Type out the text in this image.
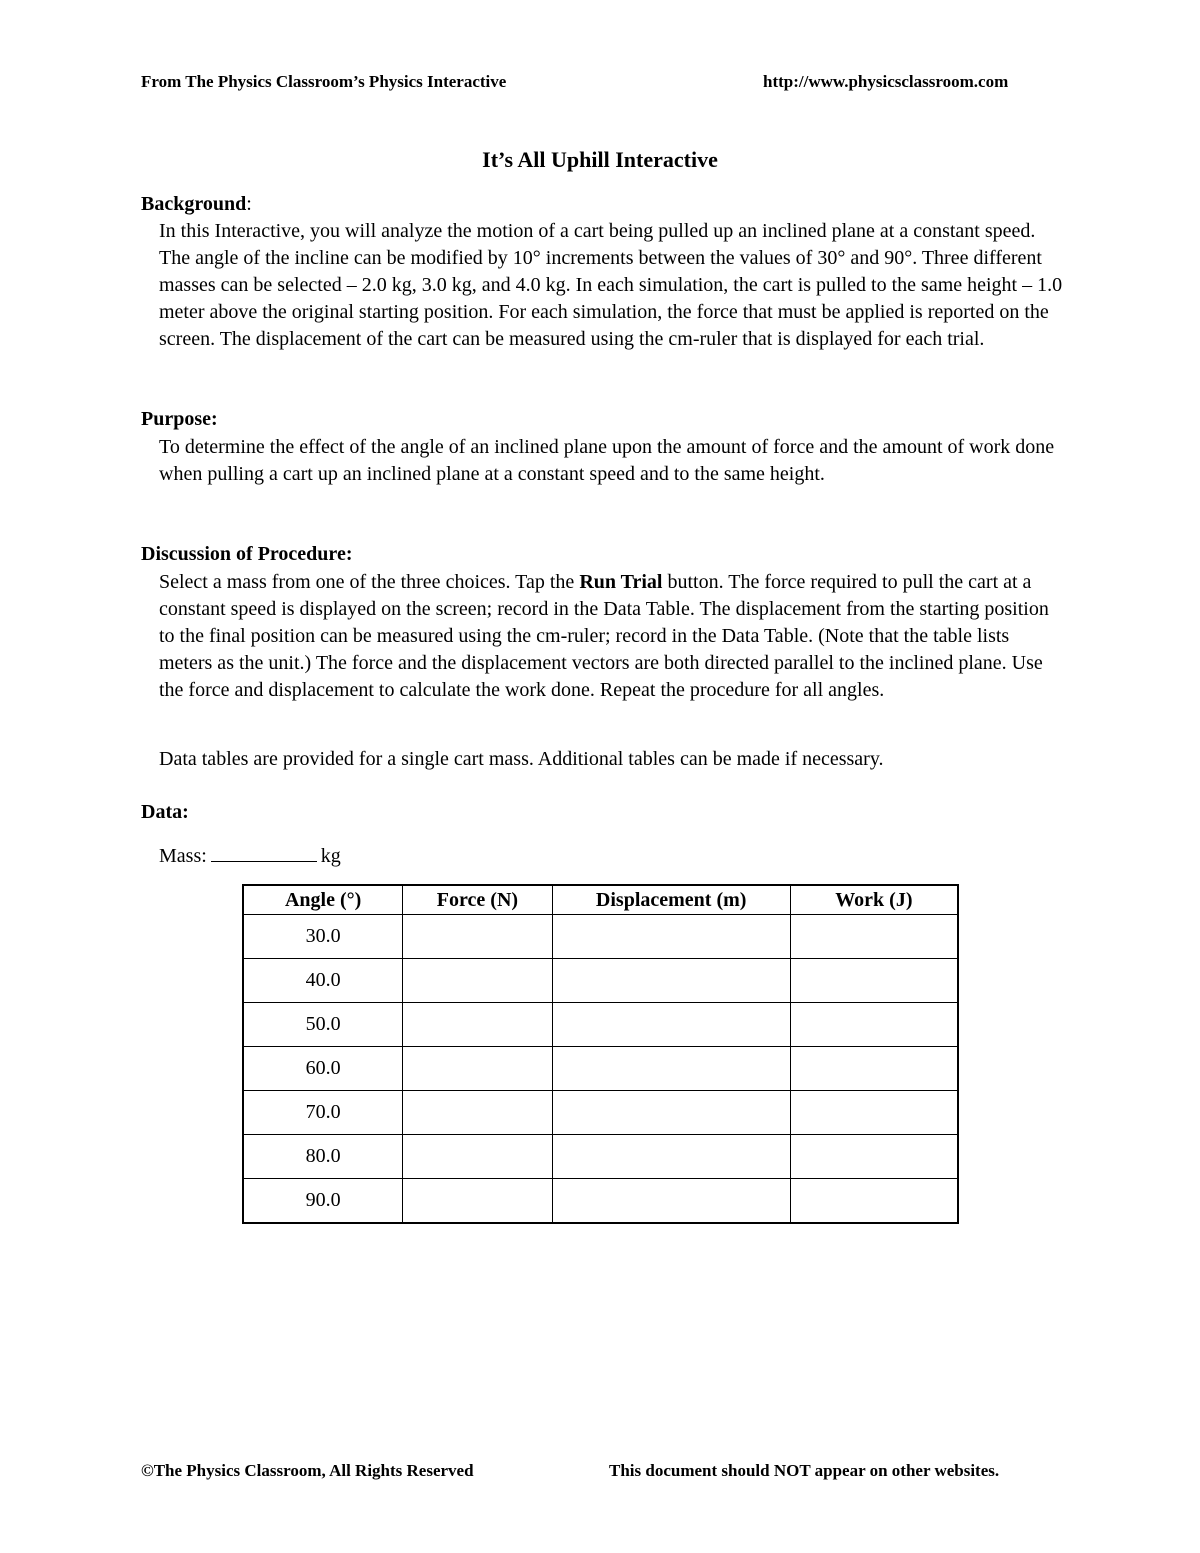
From The Physics Classroom’s Physics Interactive	http://www.physicsclassroom.com
It’s All Uphill Interactive
Background:

In this Interactive, you will analyze the motion of a cart being pulled up an inclined plane at a constant speed. The angle of the incline can be modified by 10° increments between the values of 30° and 90°. Three different masses can be selected – 2.0 kg, 3.0 kg, and 4.0 kg. In each simulation, the cart is pulled to the same height – 1.0 meter above the original starting position. For each simulation, the force that must be applied is reported on the screen. The displacement of the cart can be measured using the cm-ruler that is displayed for each trial.

Purpose:

To determine the effect of the angle of an inclined plane upon the amount of force and the amount of work done when pulling a cart up an inclined plane at a constant speed and to the same height.

Discussion of Procedure:

Select a mass from one of the three choices. Tap the Run Trial button. The force required to pull the cart at a constant speed is displayed on the screen; record in the Data Table. The displacement from the starting position to the final position can be measured using the cm-ruler; record in the Data Table. (Note that the table lists meters as the unit.) The force and the displacement vectors are both directed parallel to the inclined plane. Use the force and displacement to calculate the work done. Repeat the procedure for all angles.

Data tables are provided for a single cart mass. Additional tables can be made if necessary.

Data:
Mass:	kg
Angle (°)	Force (N)	Displacement (m)	Work (J)
30.0			
40.0			
50.0			
60.0			
70.0			
80.0			
90.0			
©The Physics Classroom, All Rights Reserved	This document should NOT appear on other websites.
